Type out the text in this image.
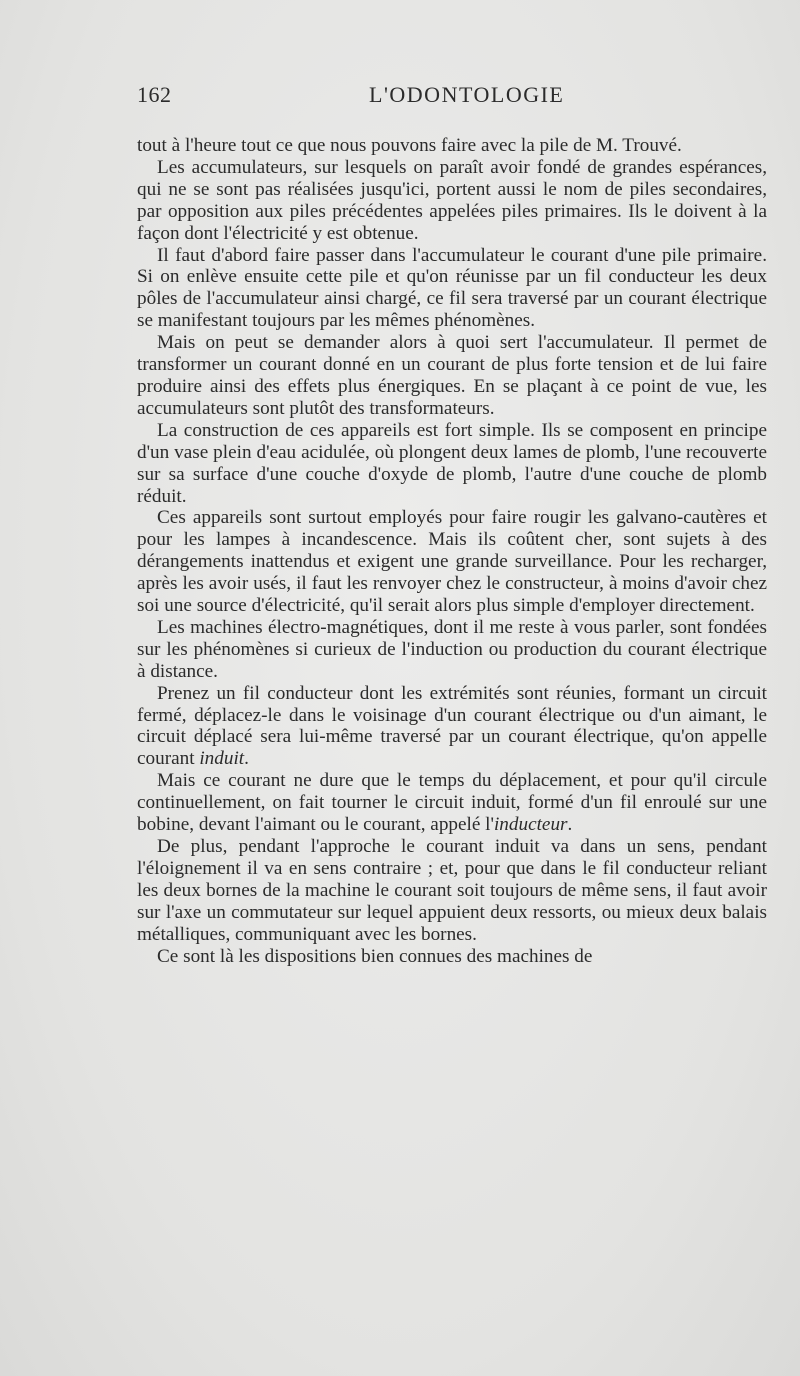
162	L'ODONTOLOGIE

tout à l'heure tout ce que nous pouvons faire avec la pile de M. Trouvé.

Les accumulateurs, sur lesquels on paraît avoir fondé de grandes espérances, qui ne se sont pas réalisées jusqu'ici, portent aussi le nom de piles secondaires, par opposition aux piles précédentes appelées piles primaires. Ils le doivent à la façon dont l'électricité y est obtenue.

Il faut d'abord faire passer dans l'accumulateur le courant d'une pile primaire. Si on enlève ensuite cette pile et qu'on réunisse par un fil conducteur les deux pôles de l'accumulateur ainsi chargé, ce fil sera traversé par un courant électrique se manifestant toujours par les mêmes phénomènes.

Mais on peut se demander alors à quoi sert l'accumulateur. Il permet de transformer un courant donné en un courant de plus forte tension et de lui faire produire ainsi des effets plus énergiques. En se plaçant à ce point de vue, les accumulateurs sont plutôt des transformateurs.

La construction de ces appareils est fort simple. Ils se composent en principe d'un vase plein d'eau acidulée, où plongent deux lames de plomb, l'une recouverte sur sa surface d'une couche d'oxyde de plomb, l'autre d'une couche de plomb réduit.

Ces appareils sont surtout employés pour faire rougir les galvano-cautères et pour les lampes à incandescence. Mais ils coûtent cher, sont sujets à des dérangements inattendus et exigent une grande surveillance. Pour les recharger, après les avoir usés, il faut les renvoyer chez le constructeur, à moins d'avoir chez soi une source d'électricité, qu'il serait alors plus simple d'employer directement.

Les machines électro-magnétiques, dont il me reste à vous parler, sont fondées sur les phénomènes si curieux de l'induction ou production du courant électrique à distance.

Prenez un fil conducteur dont les extrémités sont réunies, formant un circuit fermé, déplacez-le dans le voisinage d'un courant électrique ou d'un aimant, le circuit déplacé sera lui-même traversé par un courant électrique, qu'on appelle courant induit.

Mais ce courant ne dure que le temps du déplacement, et pour qu'il circule continuellement, on fait tourner le circuit induit, formé d'un fil enroulé sur une bobine, devant l'aimant ou le courant, appelé l'inducteur.

De plus, pendant l'approche le courant induit va dans un sens, pendant l'éloignement il va en sens contraire ; et, pour que dans le fil conducteur reliant les deux bornes de la machine le courant soit toujours de même sens, il faut avoir sur l'axe un commutateur sur lequel appuient deux ressorts, ou mieux deux balais métalliques, communiquant avec les bornes.

Ce sont là les dispositions bien connues des machines de
